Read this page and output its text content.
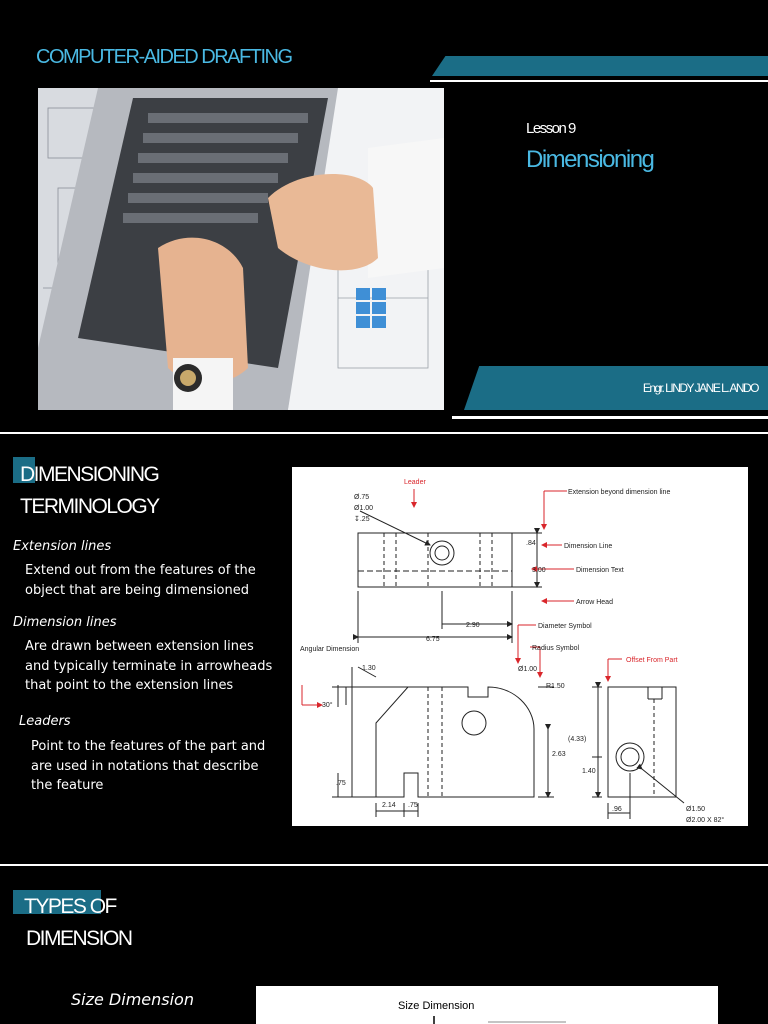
COMPUTER-AIDED DRAFTING
Lesson 9
Dimensioning
Engr. LINDY JANE L. ANDO
DIMENSIONING
TERMINOLOGY
Extension lines
Extend out from the features of the
object that are being dimensioned
Dimension lines
Are drawn between extension lines
and typically terminate in arrowheads
that point to the extension lines
Leaders
Point to the features of the part and
are used in notations that describe
the feature
Leader
Extension beyond dimension line
Dimension Line
Dimension Text
Arrow Head
Diameter Symbol
Radius Symbol
Offset From Part
Angular Dimension
Ø.75
Ø1.00
↧.25
.84
3.00
2.90
6.75
1.30
30°
Ø1.00
R1.50
2.63
.75
2.14 .75
(4.33)
1.40
.96	Ø1.50
Ø2.00 X 82°
TYPES OF
DIMENSION
Size Dimension	Size Dimension
